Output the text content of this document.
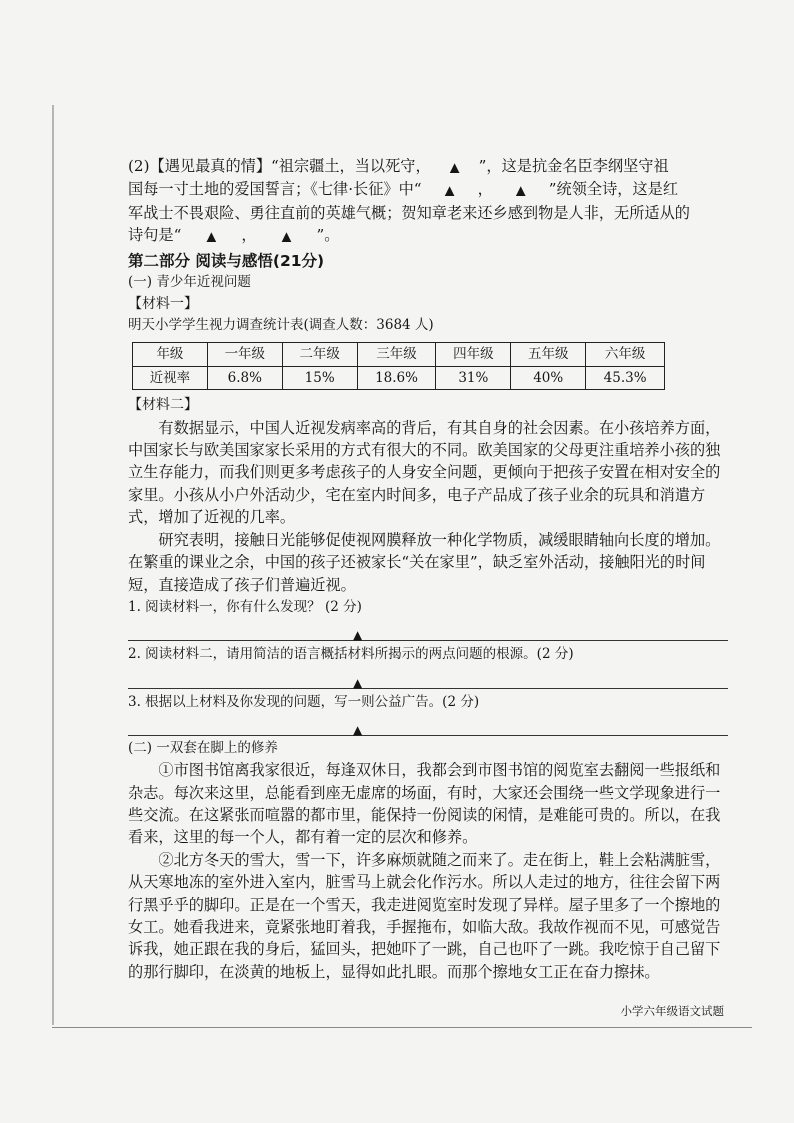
(2)【遇见最真的情】“祖宗疆土，当以死守， ▲ ”，这是抗金名臣李纲坚守祖

国每一寸土地的爱国誓言；《七律·长征》中“ ▲ ， ▲ ”统领全诗，这是红

军战士不畏艰险、勇往直前的英雄气概；贺知章老来还乡感到物是人非，无所适从的

诗句是“ ▲ ， ▲ ”。

第二部分 阅读与感悟(21分)

(一) 青少年近视问题

【材料一】

明天小学学生视力调查统计表(调查人数：3684 人)

年级	一年级	二年级	三年级	四年级	五年级	六年级
近视率	6.8%	15%	18.6%	31%	40%	45.3%

【材料二】

有数据显示，中国人近视发病率高的背后，有其自身的社会因素。在小孩培养方面，中国家长与欧美国家家长采用的方式有很大的不同。欧美国家的父母更注重培养小孩的独立生存能力，而我们则更多考虑孩子的人身安全问题，更倾向于把孩子安置在相对安全的家里。小孩从小户外活动少，宅在室内时间多，电子产品成了孩子业余的玩具和消遣方式，增加了近视的几率。

研究表明，接触日光能够促使视网膜释放一种化学物质，减缓眼睛轴向长度的增加。在繁重的课业之余，中国的孩子还被家长“关在家里”，缺乏室外活动，接触阳光的时间短，直接造成了孩子们普遍近视。

1. 阅读材料一，你有什么发现？ (2 分)

▲

2. 阅读材料二，请用简洁的语言概括材料所揭示的两点问题的根源。(2 分)

▲

3. 根据以上材料及你发现的问题，写一则公益广告。(2 分)

▲

(二) 一双套在脚上的修养

①市图书馆离我家很近，每逢双休日，我都会到市图书馆的阅览室去翻阅一些报纸和杂志。每次来这里，总能看到座无虚席的场面，有时，大家还会围绕一些文学现象进行一些交流。在这紧张而喧嚣的都市里，能保持一份阅读的闲情，是难能可贵的。所以，在我看来，这里的每一个人，都有着一定的层次和修养。

②北方冬天的雪大，雪一下，许多麻烦就随之而来了。走在街上，鞋上会粘满脏雪，从天寒地冻的室外进入室内，脏雪马上就会化作污水。所以人走过的地方，往往会留下两行黑乎乎的脚印。正是在一个雪天，我走进阅览室时发现了异样。屋子里多了一个擦地的女工。她看我进来，竟紧张地盯着我，手握拖布，如临大敌。我故作视而不见，可感觉告诉我，她正跟在我的身后，猛回头，把她吓了一跳，自己也吓了一跳。我吃惊于自己留下的那行脚印，在淡黄的地板上，显得如此扎眼。而那个擦地女工正在奋力擦抹。

小学六年级语文试题
